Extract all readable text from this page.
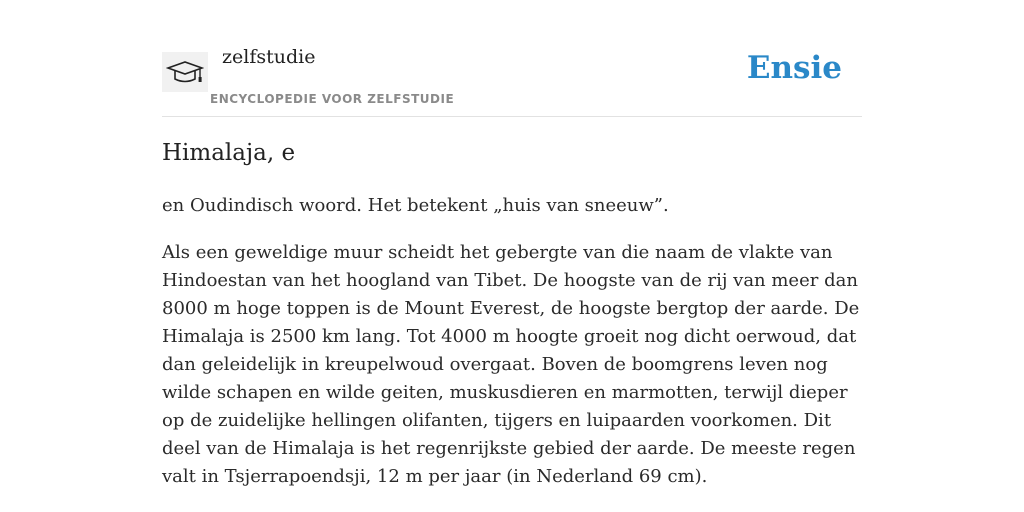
zelfstudie
ENCYCLOPEDIE VOOR ZELFSTUDIE
Ensie
Himalaja, e

en Oudindisch woord. Het betekent „huis van sneeuw”.

Als een geweldige muur scheidt het gebergte van die naam de vlakte van Hindoestan van het hoogland van Tibet. De hoogste van de rij van meer dan 8000 m hoge toppen is de Mount Everest, de hoogste bergtop der aarde. De Himalaja is 2500 km lang. Tot 4000 m hoogte groeit nog dicht oerwoud, dat dan geleidelijk in kreupelwoud overgaat. Boven de boomgrens leven nog wilde schapen en wilde geiten, muskusdieren en marmotten, terwijl dieper op de zuidelijke hellingen olifanten, tijgers en luipaarden voorkomen. Dit deel van de Himalaja is het regenrijkste gebied der aarde. De meeste regen valt in Tsjerrapoendsji, 12 m per jaar (in Nederland 69 cm).
